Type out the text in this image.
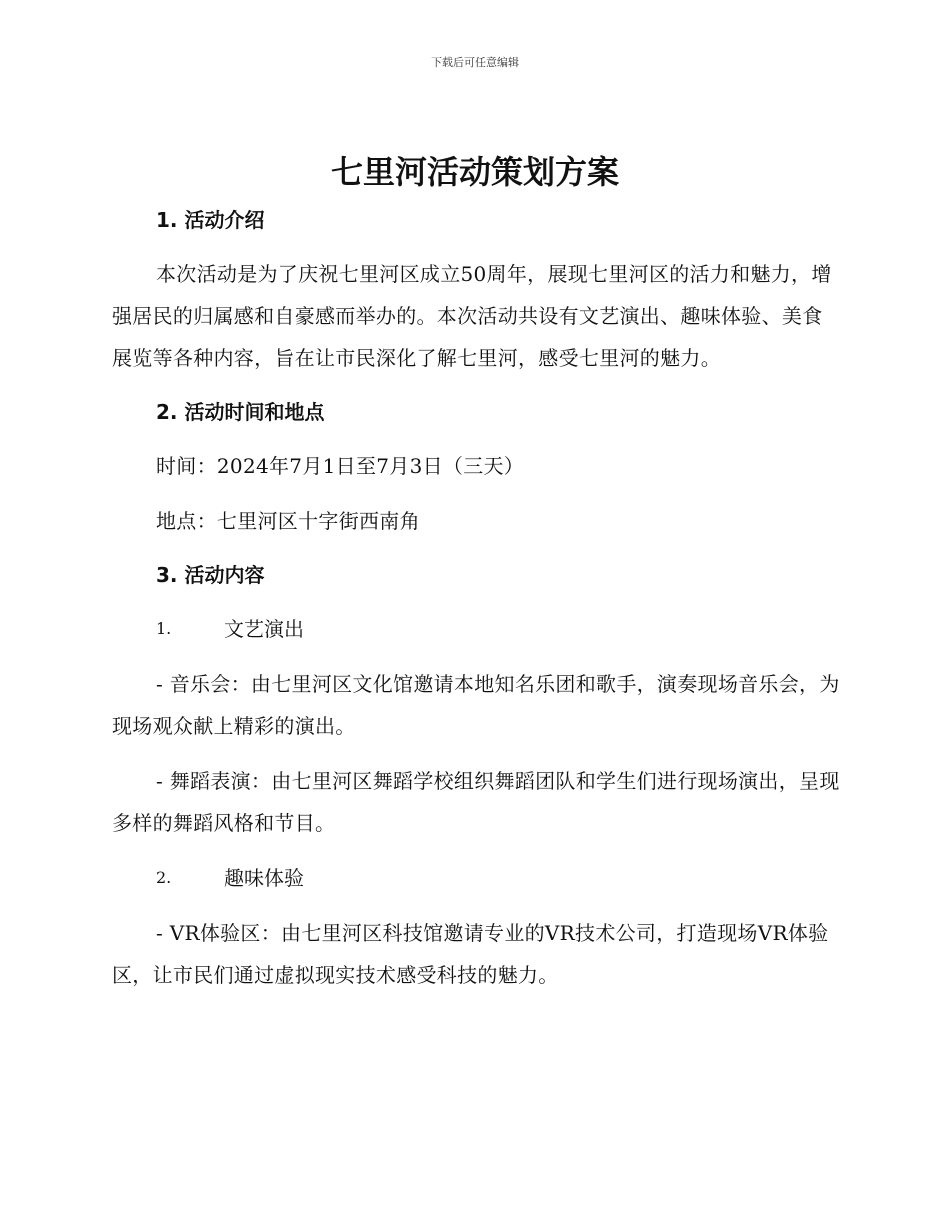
下载后可任意编辑
七里河活动策划方案

1. 活动介绍

本次活动是为了庆祝七里河区成立50周年，展现七里河区的活力和魅力，增强居民的归属感和自豪感而举办的。本次活动共设有文艺演出、趣味体验、美食展览等各种内容，旨在让市民深化了解七里河，感受七里河的魅力。

2. 活动时间和地点

时间：2024年7月1日至7月3日（三天）

地点：七里河区十字街西南角

3. 活动内容

1.	文艺演出

- 音乐会：由七里河区文化馆邀请本地知名乐团和歌手，演奏现场音乐会，为现场观众献上精彩的演出。

- 舞蹈表演：由七里河区舞蹈学校组织舞蹈团队和学生们进行现场演出，呈现多样的舞蹈风格和节目。

2.	趣味体验

- VR体验区：由七里河区科技馆邀请专业的VR技术公司，打造现场VR体验区，让市民们通过虚拟现实技术感受科技的魅力。
